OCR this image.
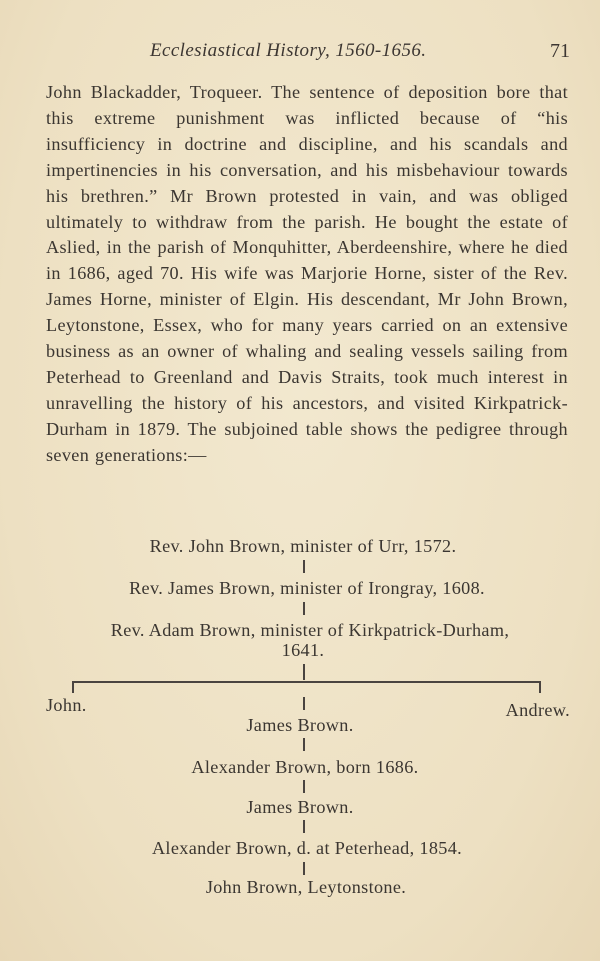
Ecclesiastical History, 1560-1656.	71

John Blackadder, Troqueer. The sentence of deposition bore that this extreme punishment was inflicted because of “his insufficiency in doctrine and discipline, and his scandals and impertinencies in his conversation, and his misbehaviour towards his brethren.” Mr Brown protested in vain, and was obliged ultimately to withdraw from the parish. He bought the estate of Aslied, in the parish of Monquhitter, Aberdeenshire, where he died in 1686, aged 70. His wife was Marjorie Horne, sister of the Rev. James Horne, minister of Elgin. His descendant, Mr John Brown, Leytonstone, Essex, who for many years carried on an extensive business as an owner of whaling and sealing vessels sailing from Peterhead to Greenland and Davis Straits, took much interest in unravelling the history of his ancestors, and visited Kirkpatrick-Durham in 1879. The subjoined table shows the pedigree through seven generations:—

Rev. John Brown, minister of Urr, 1572.
Rev. James Brown, minister of Irongray, 1608.
Rev. Adam Brown, minister of Kirkpatrick-Durham,
1641.
John.	Andrew.
James Brown.
Alexander Brown, born 1686.
James Brown.
Alexander Brown, d. at Peterhead, 1854.
John Brown, Leytonstone.
